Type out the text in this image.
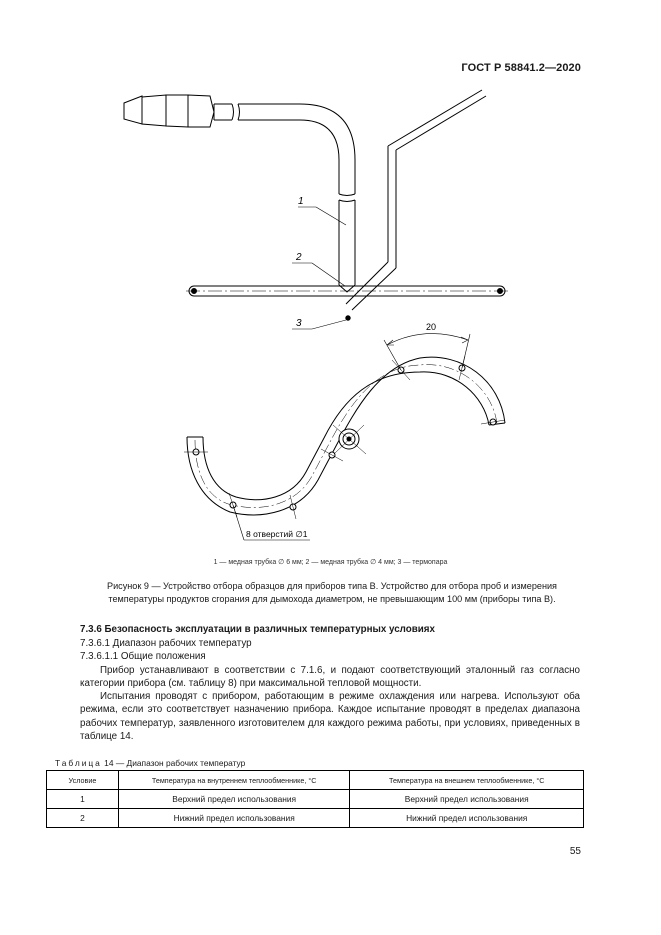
ГОСТ Р 58841.2—2020
1
2
3	20
8 отверстий ∅1
1 — медная трубка ∅ 6 мм; 2 — медная трубка ∅ 4 мм; 3 — термопара
Рисунок 9 — Устройство отбора образцов для приборов типа В. Устройство для отбора проб и измерения температуры продуктов сгорания для дымохода диаметром, не превышающим 100 мм (приборы типа В).
7.3.6 Безопасность эксплуатации в различных температурных условиях
7.3.6.1 Диапазон рабочих температур
7.3.6.1.1 Общие положения
Прибор устанавливают в соответствии с 7.1.6, и подают соответствующий эталонный газ согласно категории прибора (см. таблицу 8) при максимальной тепловой мощности.
Испытания проводят с прибором, работающим в режиме охлаждения или нагрева. Используют оба режима, если это соответствует назначению прибора. Каждое испытание проводят в пределах диапазона рабочих температур, заявленного изготовителем для каждого режима работы, при условиях, приведенных в таблице 14.
Таблица 14 — Диапазон рабочих температур
Условие	Температура на внутреннем теплообменнике, °С	Температура на внешнем теплообменнике, °С
1	Верхний предел использования	Верхний предел использования
2	Нижний предел использования	Нижний предел использования
55
